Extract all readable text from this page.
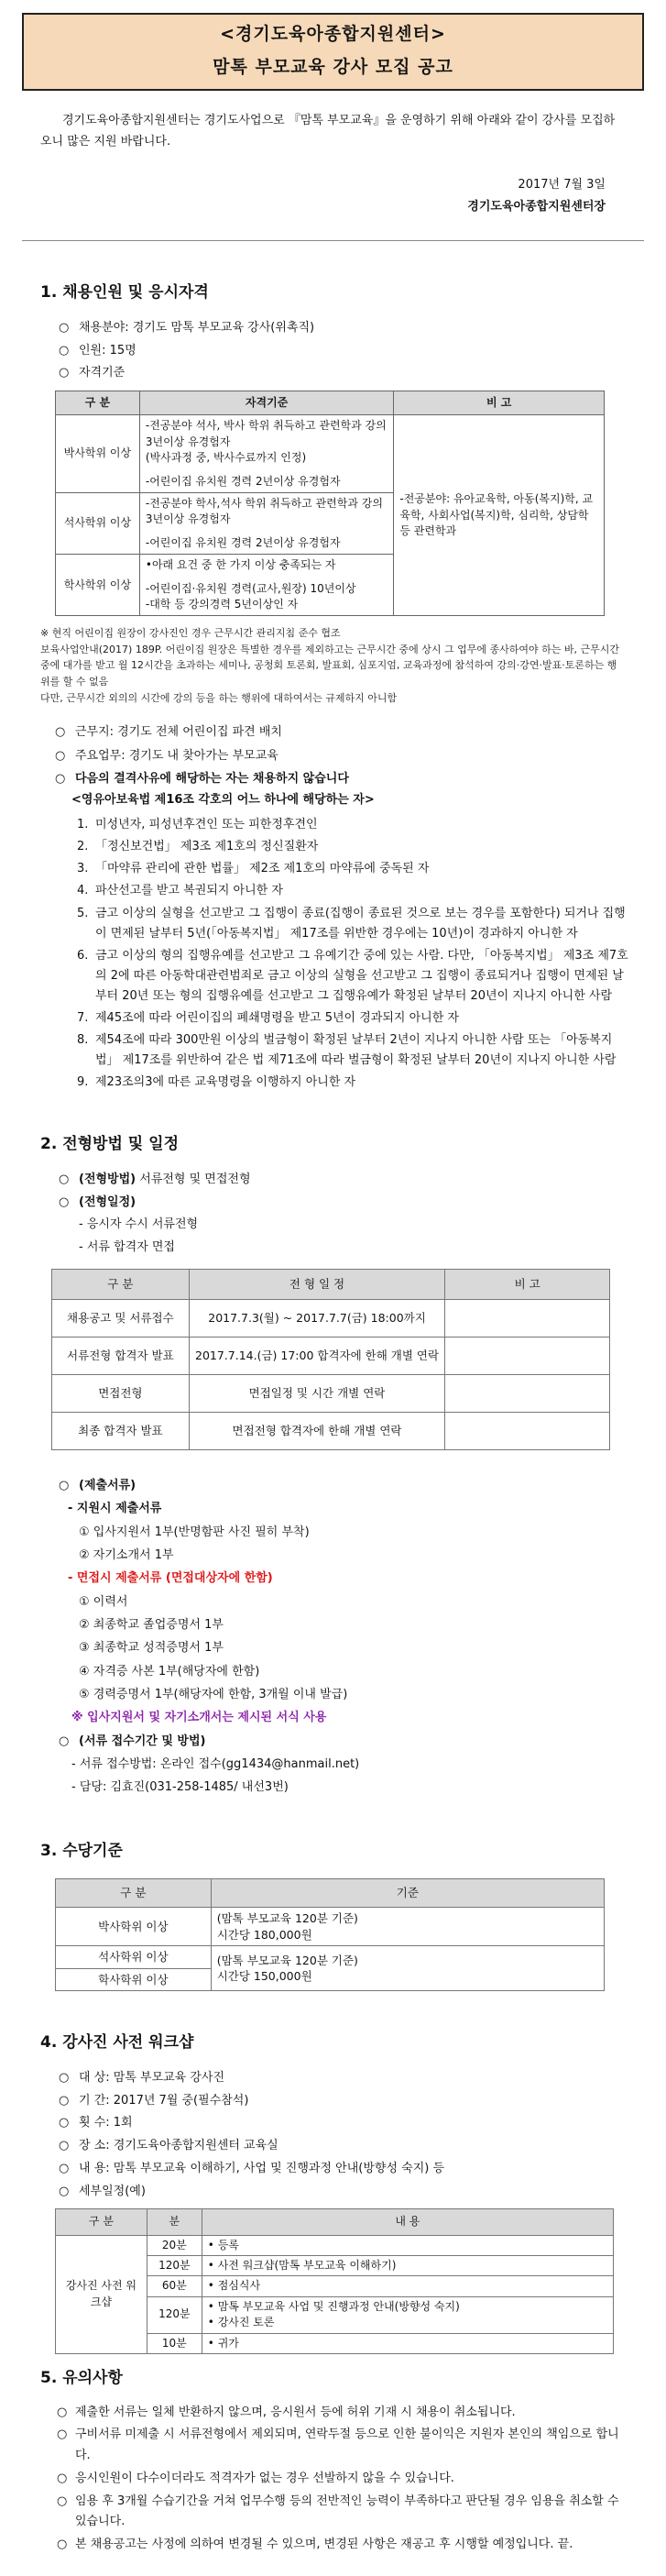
<경기도육아종합지원센터>
맘톡 부모교육 강사 모집 공고

경기도육아종합지원센터는 경기도사업으로 『맘톡 부모교육』을 운영하기 위해 아래와 같이 강사를 모집하오니 많은 지원 바랍니다.

2017년 7월 3일
경기도육아종합지원센터장
1. 채용인원 및 응시자격
○ 채용분야: 경기도 맘톡 부모교육 강사(위촉직)
○ 인원: 15명
○ 자격기준
구 분	자격기준	비 고
박사학위 이상	-전공분야 석사, 박사 학위 취득하고 관련학과 강의 3년이상 유경험자
(박사과정 중, 박사수료까지 인정)
-어린이집 유치원 경력 2년이상 유경험자	-전공분야: 유아교육학, 아동(복지)학, 교육학, 사회사업(복지)학, 심리학, 상담학 등 관련학과
석사학위 이상	-전공분야 학사,석사 학위 취득하고 관련학과 강의 3년이상 유경험자
-어린이집 유치원 경력 2년이상 유경험자	

학사학위 이상	•아래 요건 중 한 가지 이상 충족되는 자
-어린이집·유치원 경력(교사,원장) 10년이상
-대학 등 강의경력 5년이상인 자	

※ 현직 어린이집 원장이 강사진인 경우 근무시간 관리지침 준수 협조

보육사업안내(2017) 189P. 어린이집 원장은 특별한 경우를 제외하고는 근무시간 중에 상시 그 업무에 종사하여야 하는 바, 근무시간 중에 대가를 받고 월 12시간을 초과하는 세미나, 공청회 토론회, 발표회, 심포지엄, 교육과정에 참석하여 강의·강연·발표·토론하는 행위를 할 수 없음

다만, 근무시간 외의의 시간에 강의 등을 하는 행위에 대하여서는 규제하지 아니함

○ 근무지: 경기도 전체 어린이집 파견 배치
○ 주요업무: 경기도 내 찾아가는 부모교육
○ 다음의 결격사유에 해당하는 자는 채용하지 않습니다
<영유아보육법 제16조 각호의 어느 하나에 해당하는 자>
1. 미성년자, 피성년후견인 또는 피한정후견인
2. 「정신보건법」 제3조 제1호의 정신질환자
3. 「마약류 관리에 관한 법률」 제2조 제1호의 마약류에 중독된 자
4. 파산선고를 받고 복권되지 아니한 자
5. 금고 이상의 실형을 선고받고 그 집행이 종료(집행이 종료된 것으로 보는 경우를 포함한다) 되거나 집행이 면제된 날부터 5년(「아동복지법」 제17조를 위반한 경우에는 10년)이 경과하지 아니한 자
6. 금고 이상의 형의 집행유예를 선고받고 그 유예기간 중에 있는 사람. 다만, 「아동복지법」 제3조 제7호의 2에 따른 아동학대관련범죄로 금고 이상의 실형을 선고받고 그 집행이 종료되거나 집행이 면제된 날부터 20년 또는 형의 집행유예를 선고받고 그 집행유예가 확정된 날부터 20년이 지나지 아니한 사람
7. 제45조에 따라 어린이집의 폐쇄명령을 받고 5년이 경과되지 아니한 자
8. 제54조에 따라 300만원 이상의 벌금형이 확정된 날부터 2년이 지나지 아니한 사람 또는 「아동복지법」 제17조를 위반하여 같은 법 제71조에 따라 벌금형이 확정된 날부터 20년이 지나지 아니한 사람
9. 제23조의3에 따른 교육명령을 이행하지 아니한 자
2. 전형방법 및 일정
○ (전형방법) 서류전형 및 면접전형
○ (전형일정)
- 응시자 수시 서류전형
- 서류 합격자 면접
구 분	전 형 일 정	비 고
채용공고 및 서류접수	2017.7.3(월) ~ 2017.7.7(금) 18:00까지	
서류전형 합격자 발표	2017.7.14.(금) 17:00 합격자에 한해 개별 연락	
면접전형	면접일정 및 시간 개별 연락	
최종 합격자 발표	면접전형 합격자에 한해 개별 연락	
○ (제출서류)
- 지원시 제출서류
① 입사지원서 1부(반명함판 사진 필히 부착)
② 자기소개서 1부
- 면접시 제출서류 (면접대상자에 한함)
① 이력서
② 최종학교 졸업증명서 1부
③ 최종학교 성적증명서 1부
④ 자격증 사본 1부(해당자에 한함)
⑤ 경력증명서 1부(해당자에 한함, 3개월 이내 발급)
※ 입사지원서 및 자기소개서는 제시된 서식 사용
○ (서류 접수기간 및 방법)
- 서류 접수방법: 온라인 접수(gg1434@hanmail.net)
- 담당: 김효진(031-258-1485/ 내선3번)
3. 수당기준
구 분	기준
박사학위 이상	(맘톡 부모교육 120분 기준)
시간당 180,000원

석사학위 이상	(맘톡 부모교육 120분 기준)
시간당 150,000원

학사학위 이상	
4. 강사진 사전 워크샵
○ 대 상: 맘톡 부모교육 강사진
○ 기 간: 2017년 7월 중(필수참석)
○ 횟 수: 1회
○ 장 소: 경기도육아종합지원센터 교육실
○ 내 용: 맘톡 부모교육 이해하기, 사업 및 진행과정 안내(방향성 숙지) 등
○ 세부일정(예)
구 분	분	내 용
강사진 사전 워크샵	20분	• 등록
	120분	• 사전 워크샵(맘톡 부모교육 이해하기)
	60분	• 점심식사
	120분	• 맘톡 부모교육 사업 및 진행과정 안내(방향성 숙지)
• 강사진 토론

	10분	• 귀가
5. 유의사항
○ 제출한 서류는 일체 반환하지 않으며, 응시원서 등에 허위 기재 시 채용이 취소됩니다.
○ 구비서류 미제출 시 서류전형에서 제외되며, 연락두절 등으로 인한 불이익은 지원자 본인의 책임으로 합니다.
○ 응시인원이 다수이더라도 적격자가 없는 경우 선발하지 않을 수 있습니다.
○ 임용 후 3개월 수습기간을 거쳐 업무수행 등의 전반적인 능력이 부족하다고 판단될 경우 임용을 취소할 수 있습니다.
○ 본 채용공고는 사정에 의하여 변경될 수 있으며, 변경된 사항은 재공고 후 시행할 예정입니다. 끝.
